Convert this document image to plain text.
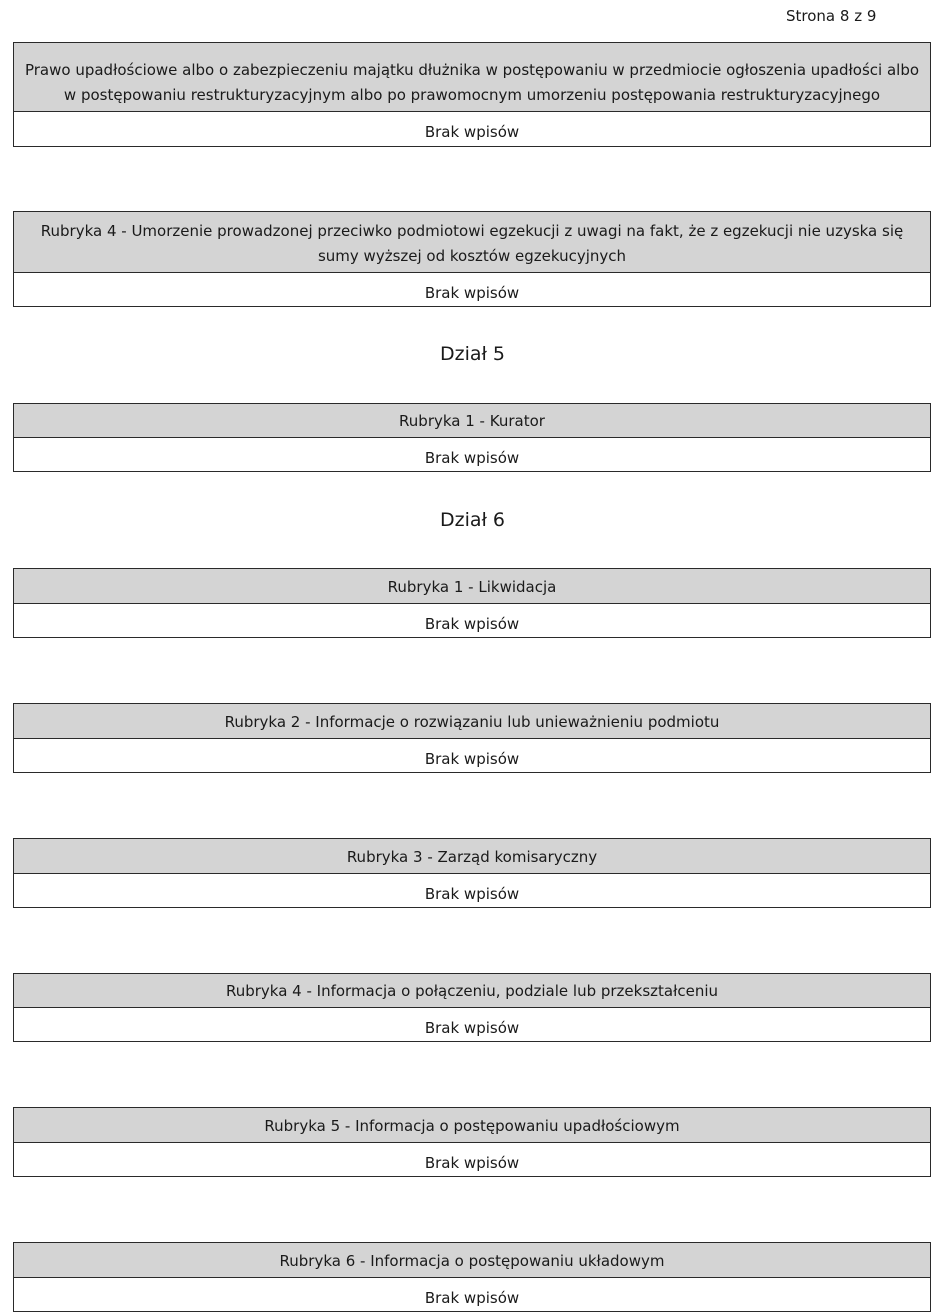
Strona 8 z 9
Prawo upadłościowe albo o zabezpieczeniu majątku dłużnika w postępowaniu w przedmiocie ogłoszenia upadłości albo w postępowaniu restrukturyzacyjnym albo po prawomocnym umorzeniu postępowania restrukturyzacyjnego
Brak wpisów
Rubryka 4 - Umorzenie prowadzonej przeciwko podmiotowi egzekucji z uwagi na fakt, że z egzekucji nie uzyska się sumy wyższej od kosztów egzekucyjnych
Brak wpisów
Dział 5
Rubryka 1 - Kurator
Brak wpisów
Dział 6
Rubryka 1 - Likwidacja
Brak wpisów
Rubryka 2 - Informacje o rozwiązaniu lub unieważnieniu podmiotu
Brak wpisów
Rubryka 3 - Zarząd komisaryczny
Brak wpisów
Rubryka 4 - Informacja o połączeniu, podziale lub przekształceniu
Brak wpisów
Rubryka 5 - Informacja o postępowaniu upadłościowym
Brak wpisów
Rubryka 6 - Informacja o postępowaniu układowym
Brak wpisów
